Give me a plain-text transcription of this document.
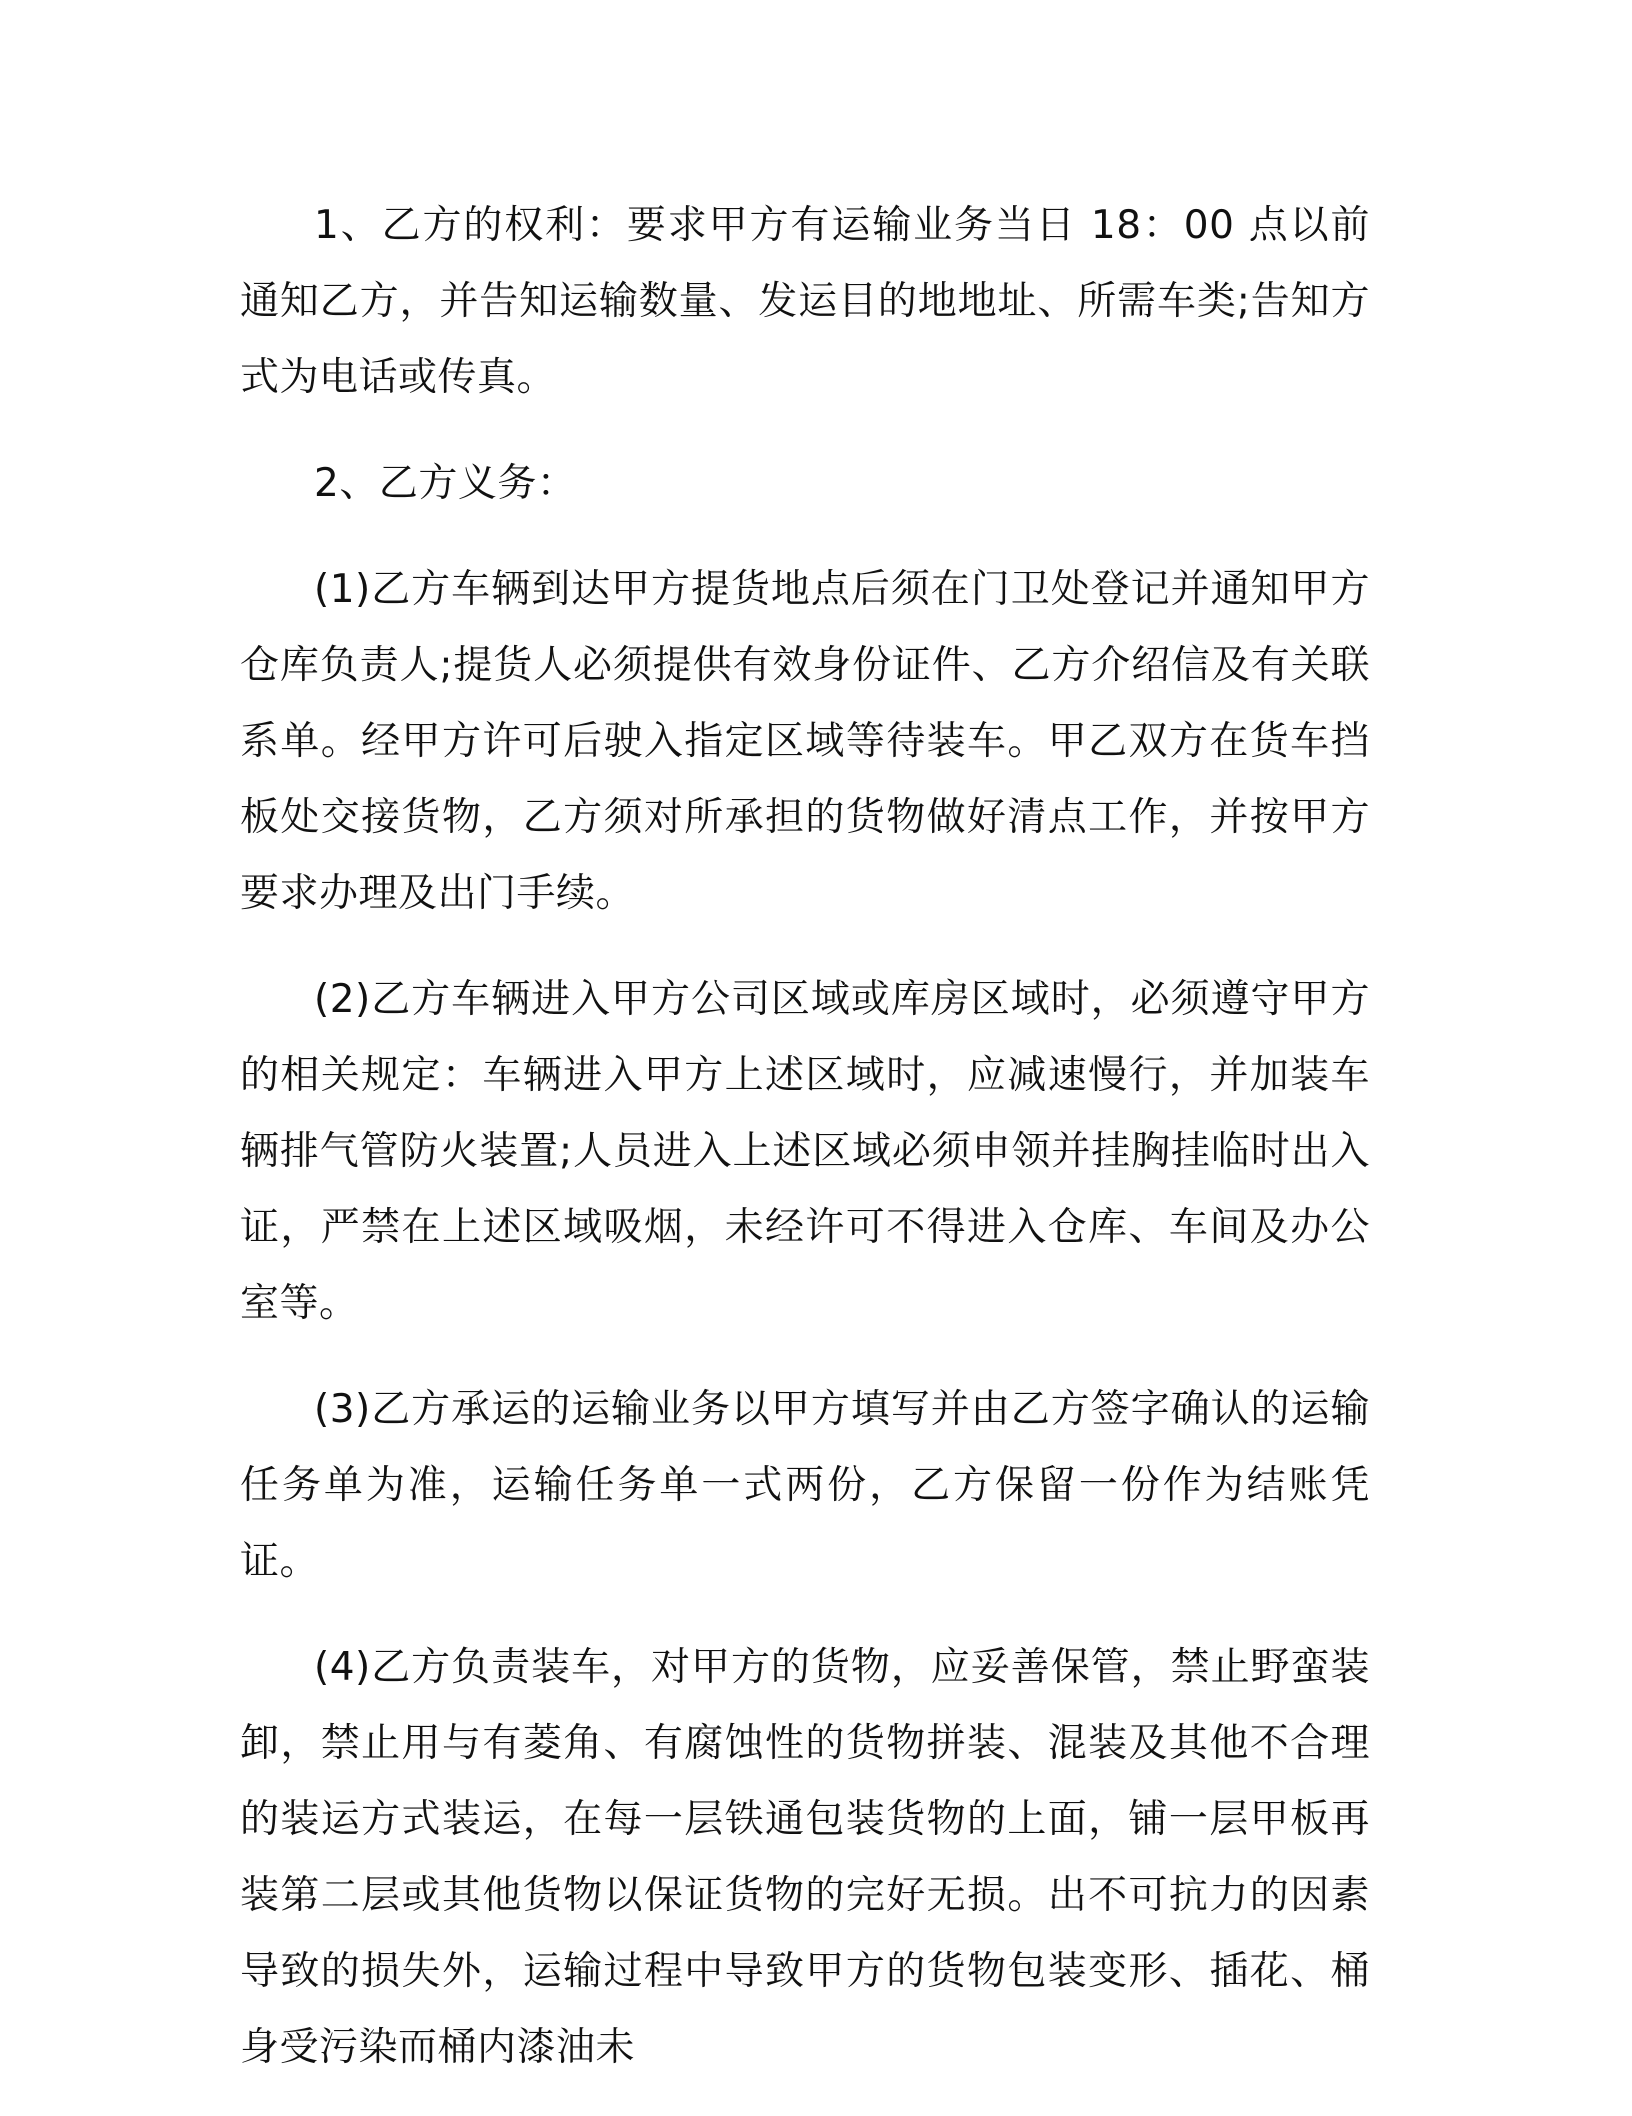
1、乙方的权利：要求甲方有运输业务当日 18：00 点以前通知乙方，并告知运输数量、发运目的地地址、所需车类;告知方式为电话或传真。

2、乙方义务：

(1)乙方车辆到达甲方提货地点后须在门卫处登记并通知甲方仓库负责人;提货人必须提供有效身份证件、乙方介绍信及有关联系单。经甲方许可后驶入指定区域等待装车。甲乙双方在货车挡板处交接货物，乙方须对所承担的货物做好清点工作，并按甲方要求办理及出门手续。

(2)乙方车辆进入甲方公司区域或库房区域时，必须遵守甲方的相关规定：车辆进入甲方上述区域时，应减速慢行，并加装车辆排气管防火装置;人员进入上述区域必须申领并挂胸挂临时出入证，严禁在上述区域吸烟，未经许可不得进入仓库、车间及办公室等。

(3)乙方承运的运输业务以甲方填写并由乙方签字确认的运输任务单为准，运输任务单一式两份，乙方保留一份作为结账凭证。

(4)乙方负责装车，对甲方的货物，应妥善保管，禁止野蛮装卸，禁止用与有菱角、有腐蚀性的货物拼装、混装及其他不合理的装运方式装运，在每一层铁通包装货物的上面，铺一层甲板再装第二层或其他货物以保证货物的完好无损。出不可抗力的因素导致的损失外，运输过程中导致甲方的货物包装变形、插花、桶身受污染而桶内漆油未
